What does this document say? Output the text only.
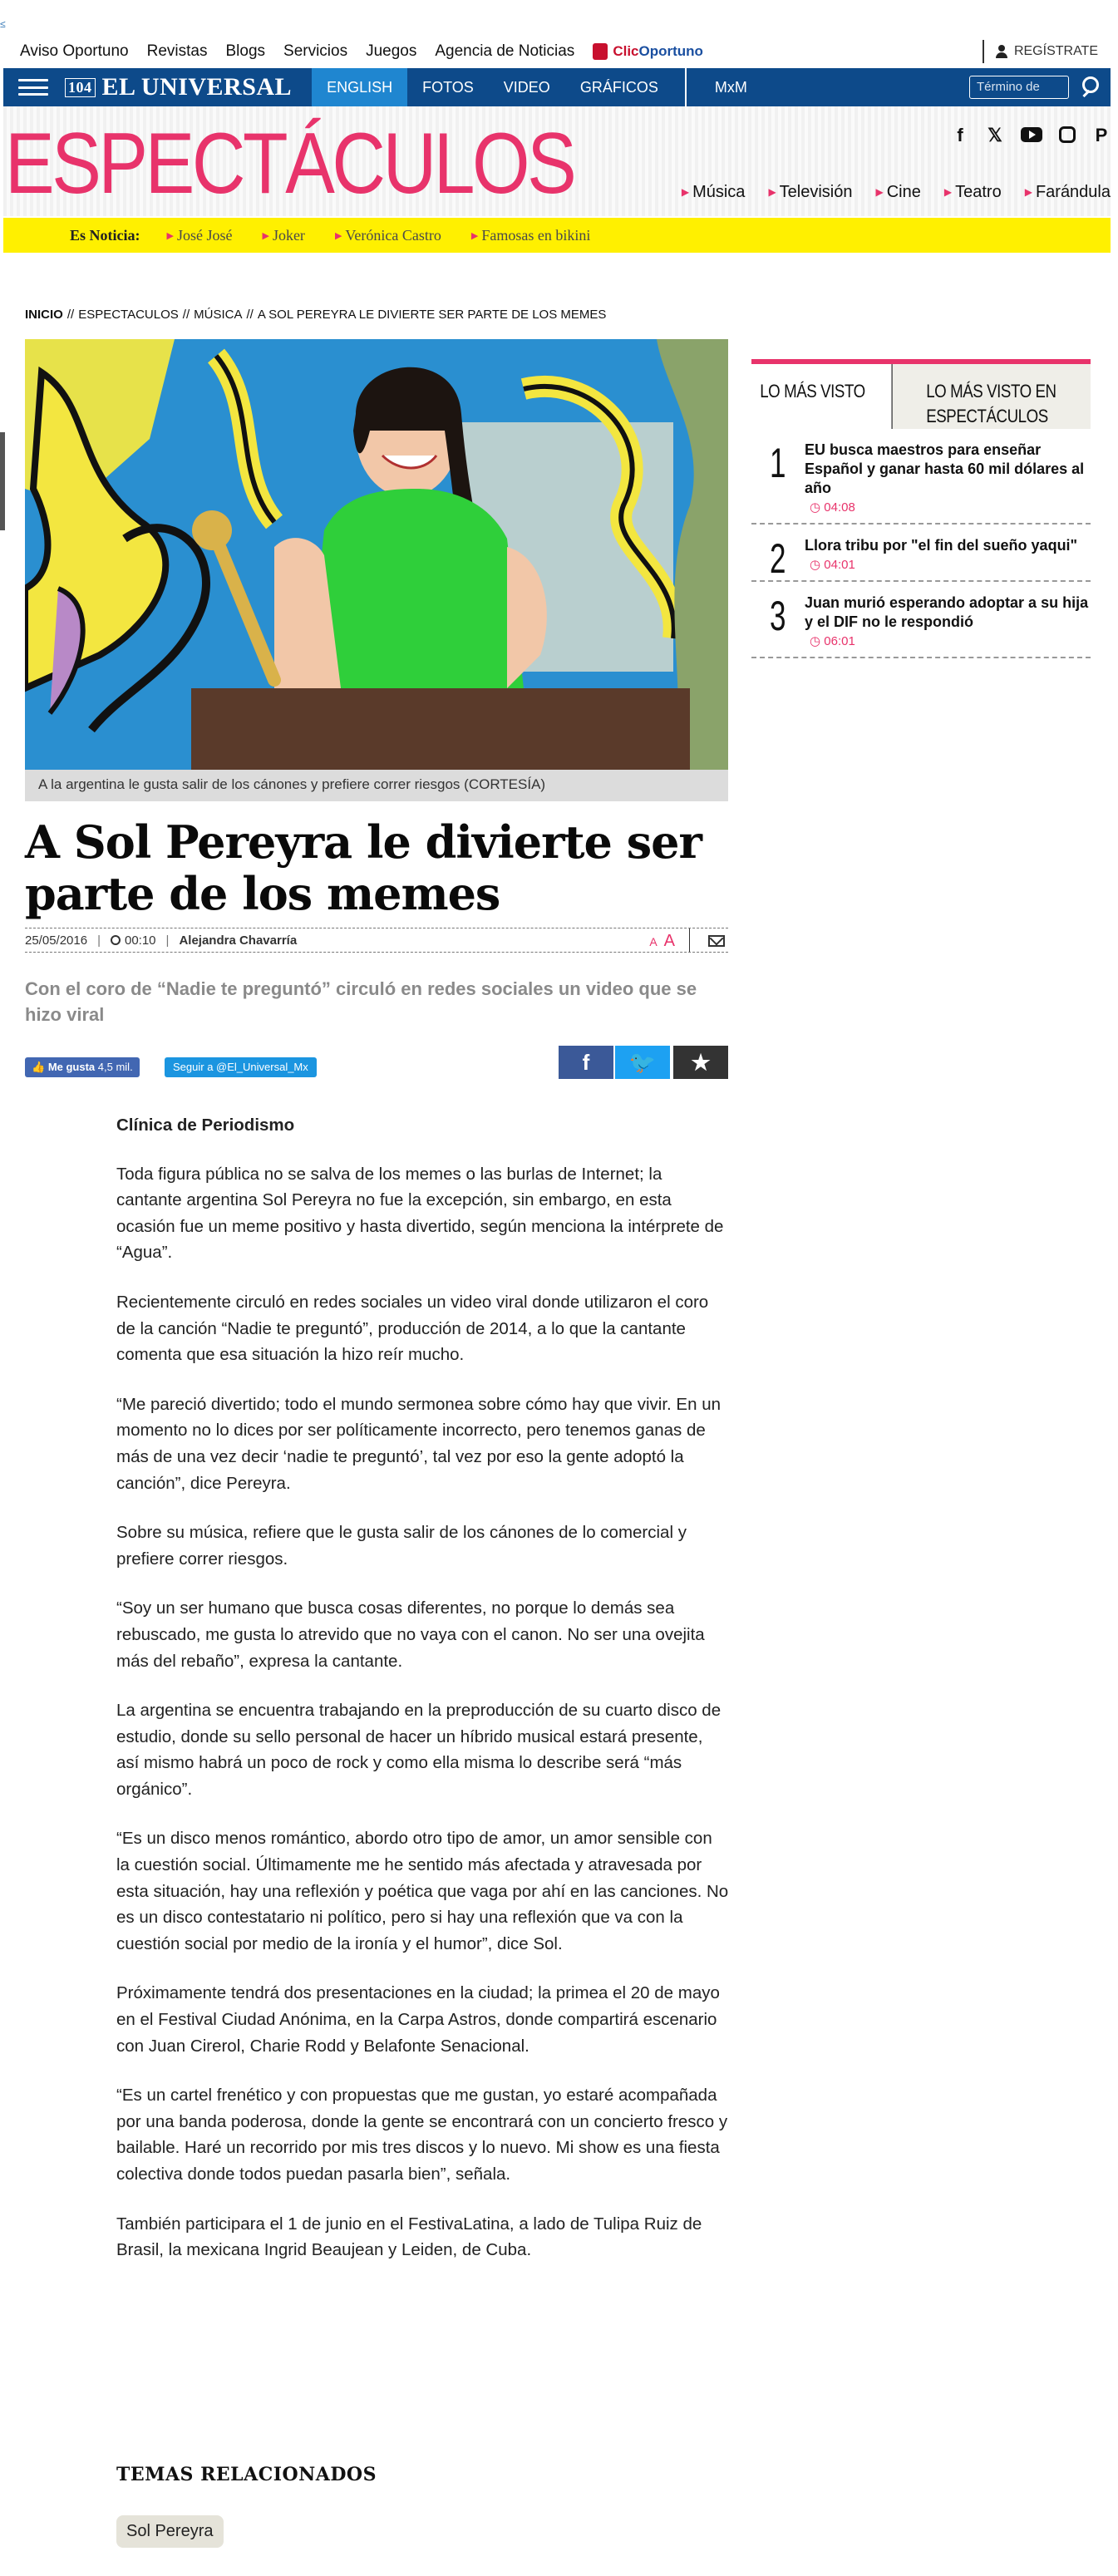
≤
Aviso Oportuno Revistas Blogs Servicios Juegos Agencia de Noticias	Clic Oportuno	REGÍSTRATE
104 EL UNIVERSAL	ENGLISH	FOTOS	VIDEO	GRÁFICOS	MxM	Término de
ESPECTÁCULOS	f	𝕏	P
▶ Música	▶ Televisión	▶ Cine	▶ Teatro	▶ Farándula
Es Noticia:	▶ José José	▶ Joker	▶ Verónica Castro	▶ Famosas en bikini
INICIO // ESPECTACULOS // MÚSICA // A SOL PEREYRA LE DIVIERTE SER PARTE DE LOS MEMES
A la argentina le gusta salir de los cánones y prefiere correr riesgos (CORTESÍA)
A Sol Pereyra le divierte ser parte de los memes
25/05/2016 | 00:10 | Alejandra Chavarría	A A
Con el coro de “Nadie te preguntó” circuló en redes sociales un video que se hizo viral
👍 Me gusta 4,5 mil.	Seguir a @El_Universal_Mx	f	🐦	★
Clínica de Periodismo

Toda figura pública no se salva de los memes o las burlas de Internet; la cantante argentina Sol Pereyra no fue la excepción, sin embargo, en esta ocasión fue un meme positivo y hasta divertido, según menciona la intérprete de “Agua”.

Recientemente circuló en redes sociales un video viral donde utilizaron el coro de la canción “Nadie te preguntó”, producción de 2014, a lo que la cantante comenta que esa situación la hizo reír mucho.

“Me pareció divertido; todo el mundo sermonea sobre cómo hay que vivir. En un momento no lo dices por ser políticamente incorrecto, pero tenemos ganas de más de una vez decir ‘nadie te preguntó’, tal vez por eso la gente adoptó la canción”, dice Pereyra.

Sobre su música, refiere que le gusta salir de los cánones de lo comercial y prefiere correr riesgos.

“Soy un ser humano que busca cosas diferentes, no porque lo demás sea rebuscado, me gusta lo atrevido que no vaya con el canon. No ser una ovejita más del rebaño”, expresa la cantante.

La argentina se encuentra trabajando en la preproducción de su cuarto disco de estudio, donde su sello personal de hacer un híbrido musical estará presente, así mismo habrá un poco de rock y como ella misma lo describe será “más orgánico”.

“Es un disco menos romántico, abordo otro tipo de amor, un amor sensible con la cuestión social. Últimamente me he sentido más afectada y atravesada por esta situación, hay una reflexión y poética que vaga por ahí en las canciones. No es un disco contestatario ni político, pero si hay una reflexión que va con la cuestión social por medio de la ironía y el humor”, dice Sol.

Próximamente tendrá dos presentaciones en la ciudad; la primea el 20 de mayo en el Festival Ciudad Anónima, en la Carpa Astros, donde compartirá escenario con Juan Cirerol, Charie Rodd y Belafonte Senacional.

“Es un cartel frenético y con propuestas que me gustan, yo estaré acompañada por una banda poderosa, donde la gente se encontrará con un concierto fresco y bailable. Haré un recorrido por mis tres discos y lo nuevo. Mi show es una fiesta colectiva donde todos puedan pasarla bien”, señala.

También participara el 1 de junio en el FestivaLatina, a lado de Tulipa Ruiz de Brasil, la mexicana Ingrid Beaujean y Leiden, de Cuba.

TEMAS RELACIONADOS
Sol Pereyra
LO MÁS VISTO	LO MÁS VISTO EN
ESPECTÁCULOS
1 EU busca maestros para enseñar Español y ganar hasta 60 mil dólares al año
◷ 04:08
2 Llora tribu por "el fin del sueño yaqui"
◷ 04:01
3 Juan murió esperando adoptar a su hija y el DIF no le respondió
◷ 06:01
